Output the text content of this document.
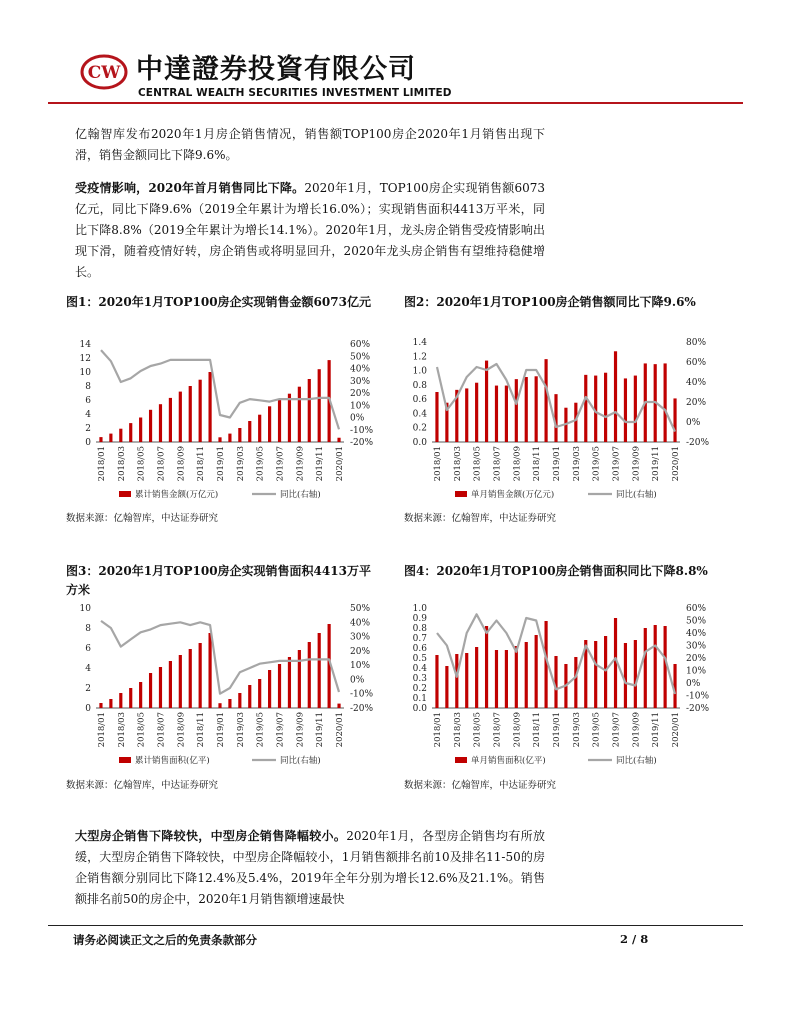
CW 中達證券投資有限公司
CENTRAL WEALTH SECURITIES INVESTMENT LIMITED
亿翰智库发布2020年1月房企销售情况，销售额TOP100房企2020年1月销售出现下滑，销售金额同比下降9.6%。
受疫情影响，2020年首月销售同比下降。2020年1月，TOP100房企实现销售额6073亿元，同比下降9.6%（2019全年累计为增长16.0%）；实现销售面积4413万平米，同比下降8.8%（2019全年累计为增长14.1%）。2020年1月，龙头房企销售受疫情影响出现下滑，随着疫情好转，房企销售或将明显回升，2020年龙头房企销售有望维持稳健增长。
图1：2020年1月TOP100房企实现销售金额6073亿元	图2：2020年1月TOP100房企销售额同比下降9.6%
图3：2020年1月TOP100房企实现销售面积4413万平方米
图4：2020年1月TOP100房企销售面积同比下降8.8%
0
2
4
6
8
10
12
14
-20%
-10%
0%
10%
20%
30%
40%
50%
60%
2018/01 2018/03 2018/05 2018/07 2018/09 2018/11 2019/01 2019/03 2019/05 2019/07 2019/09 2019/11 2020/01
累计销售金额(万亿元)	同比(右轴)
0.0
0.2
0.4
0.6
0.8
1.0
1.2
1.4
-20%
0%
20%
40%
60%
80%
2018/01 2018/03 2018/05 2018/07 2018/09 2018/11 2019/01 2019/03 2019/05 2019/07 2019/09 2019/11 2020/01
单月销售金额(万亿元)	同比(右轴)
0
2
4
6
8
10
-20%
-10%
0%
10%
20%
30%
40%
50%
2018/01 2018/03 2018/05 2018/07 2018/09 2018/11 2019/01 2019/03 2019/05 2019/07 2019/09 2019/11 2020/01
累计销售面积(亿平)	同比(右轴)
0.0
0.1
0.2
0.3
0.4
0.5
0.6
0.7
0.8
0.9
1.0
-20%
-10%
0%
10%
20%
30%
40%
50%
60%
2018/01 2018/03 2018/05 2018/07 2018/09 2018/11 2019/01 2019/03 2019/05 2019/07 2019/09 2019/11 2020/01
单月销售面积(亿平)	同比(右轴)
数据来源：亿翰智库，中达证券研究	数据来源：亿翰智库，中达证券研究
数据来源：亿翰智库，中达证券研究	数据来源：亿翰智库，中达证券研究
大型房企销售下降较快，中型房企销售降幅较小。2020年1月，各型房企销售均有所放缓，大型房企销售下降较快，中型房企降幅较小，1月销售额排名前10及排名11-50的房企销售额分别同比下降12.4%及5.4%，2019年全年分别为增长12.6%及21.1%。销售额排名前50的房企中，2020年1月销售额增速最快
请务必阅读正文之后的免责条款部分	2 / 8
